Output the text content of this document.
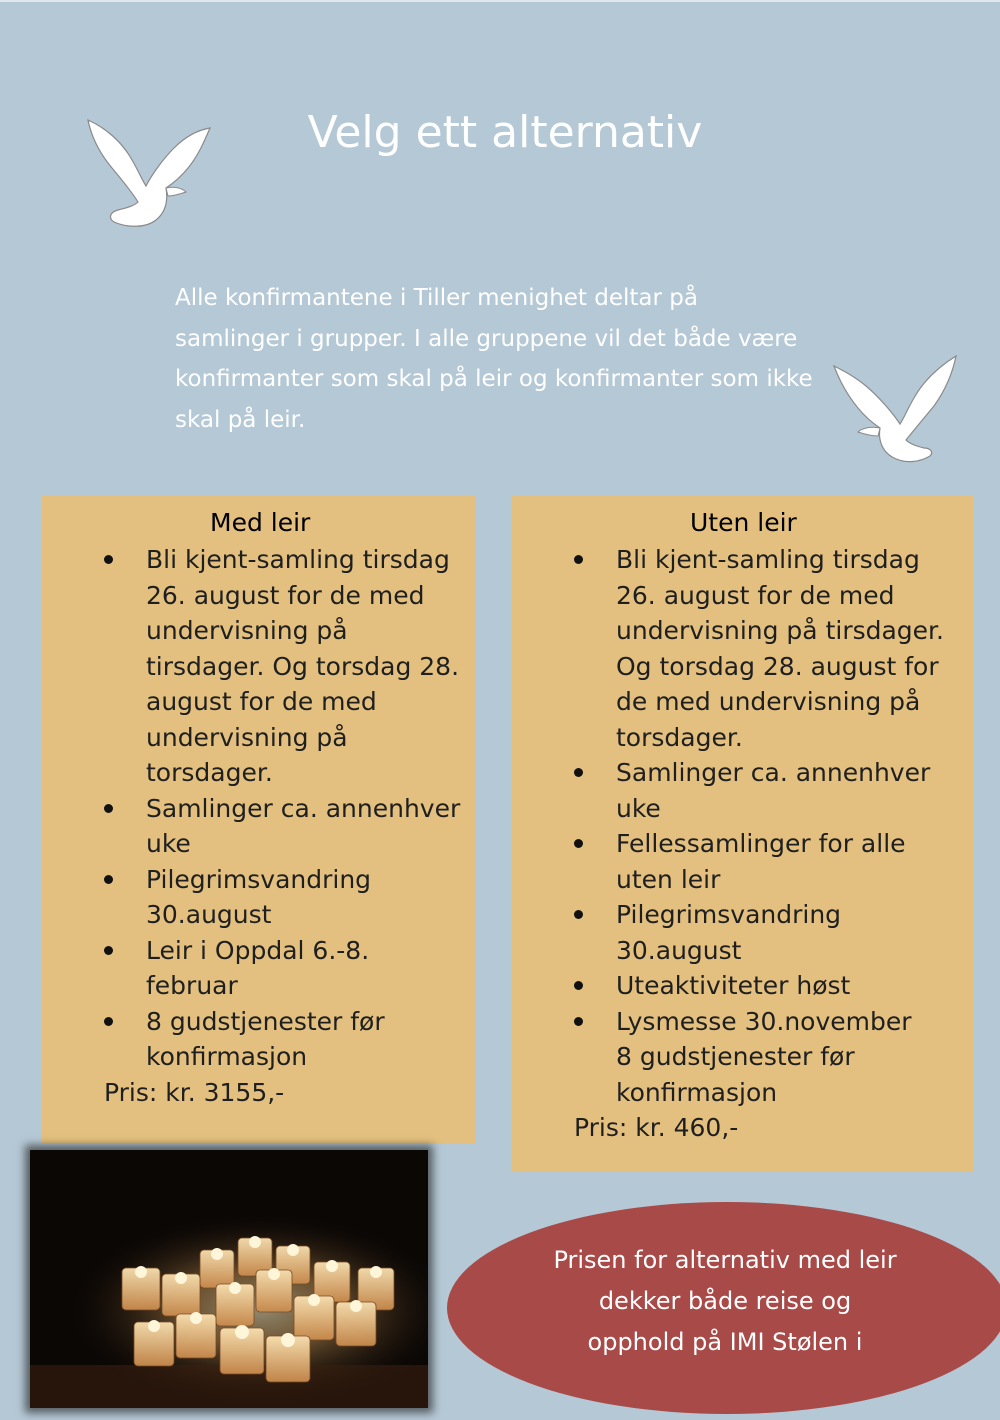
Velg ett alternativ
Alle konfirmantene i Tiller menighet deltar på samlinger i grupper. I alle gruppene vil det både være konfirmanter som skal på leir og konfirmanter som ikke skal på leir.
Med leir
Bli kjent-samling tirsdag
26. august for de med
undervisning på
tirsdager. Og torsdag 28.
august for de med
undervisning på
torsdager.
Samlinger ca. annenhver
uke
Pilegrimsvandring
30.august
Leir i Oppdal 6.-8.
februar
8 gudstjenester før
konfirmasjon
Pris: kr. 3155,-
Uten leir
Bli kjent-samling tirsdag
26. august for de med
undervisning på tirsdager.
Og torsdag 28. august for
de med undervisning på
torsdager.
Samlinger ca. annenhver
uke
Fellessamlinger for alle
uten leir
Pilegrimsvandring
30.august
Uteaktiviteter høst
Lysmesse 30.november
8 gudstjenester før
konfirmasjon
Pris: kr. 460,-
Prisen for alternativ med leir
dekker både reise og
opphold på IMI Stølen i
